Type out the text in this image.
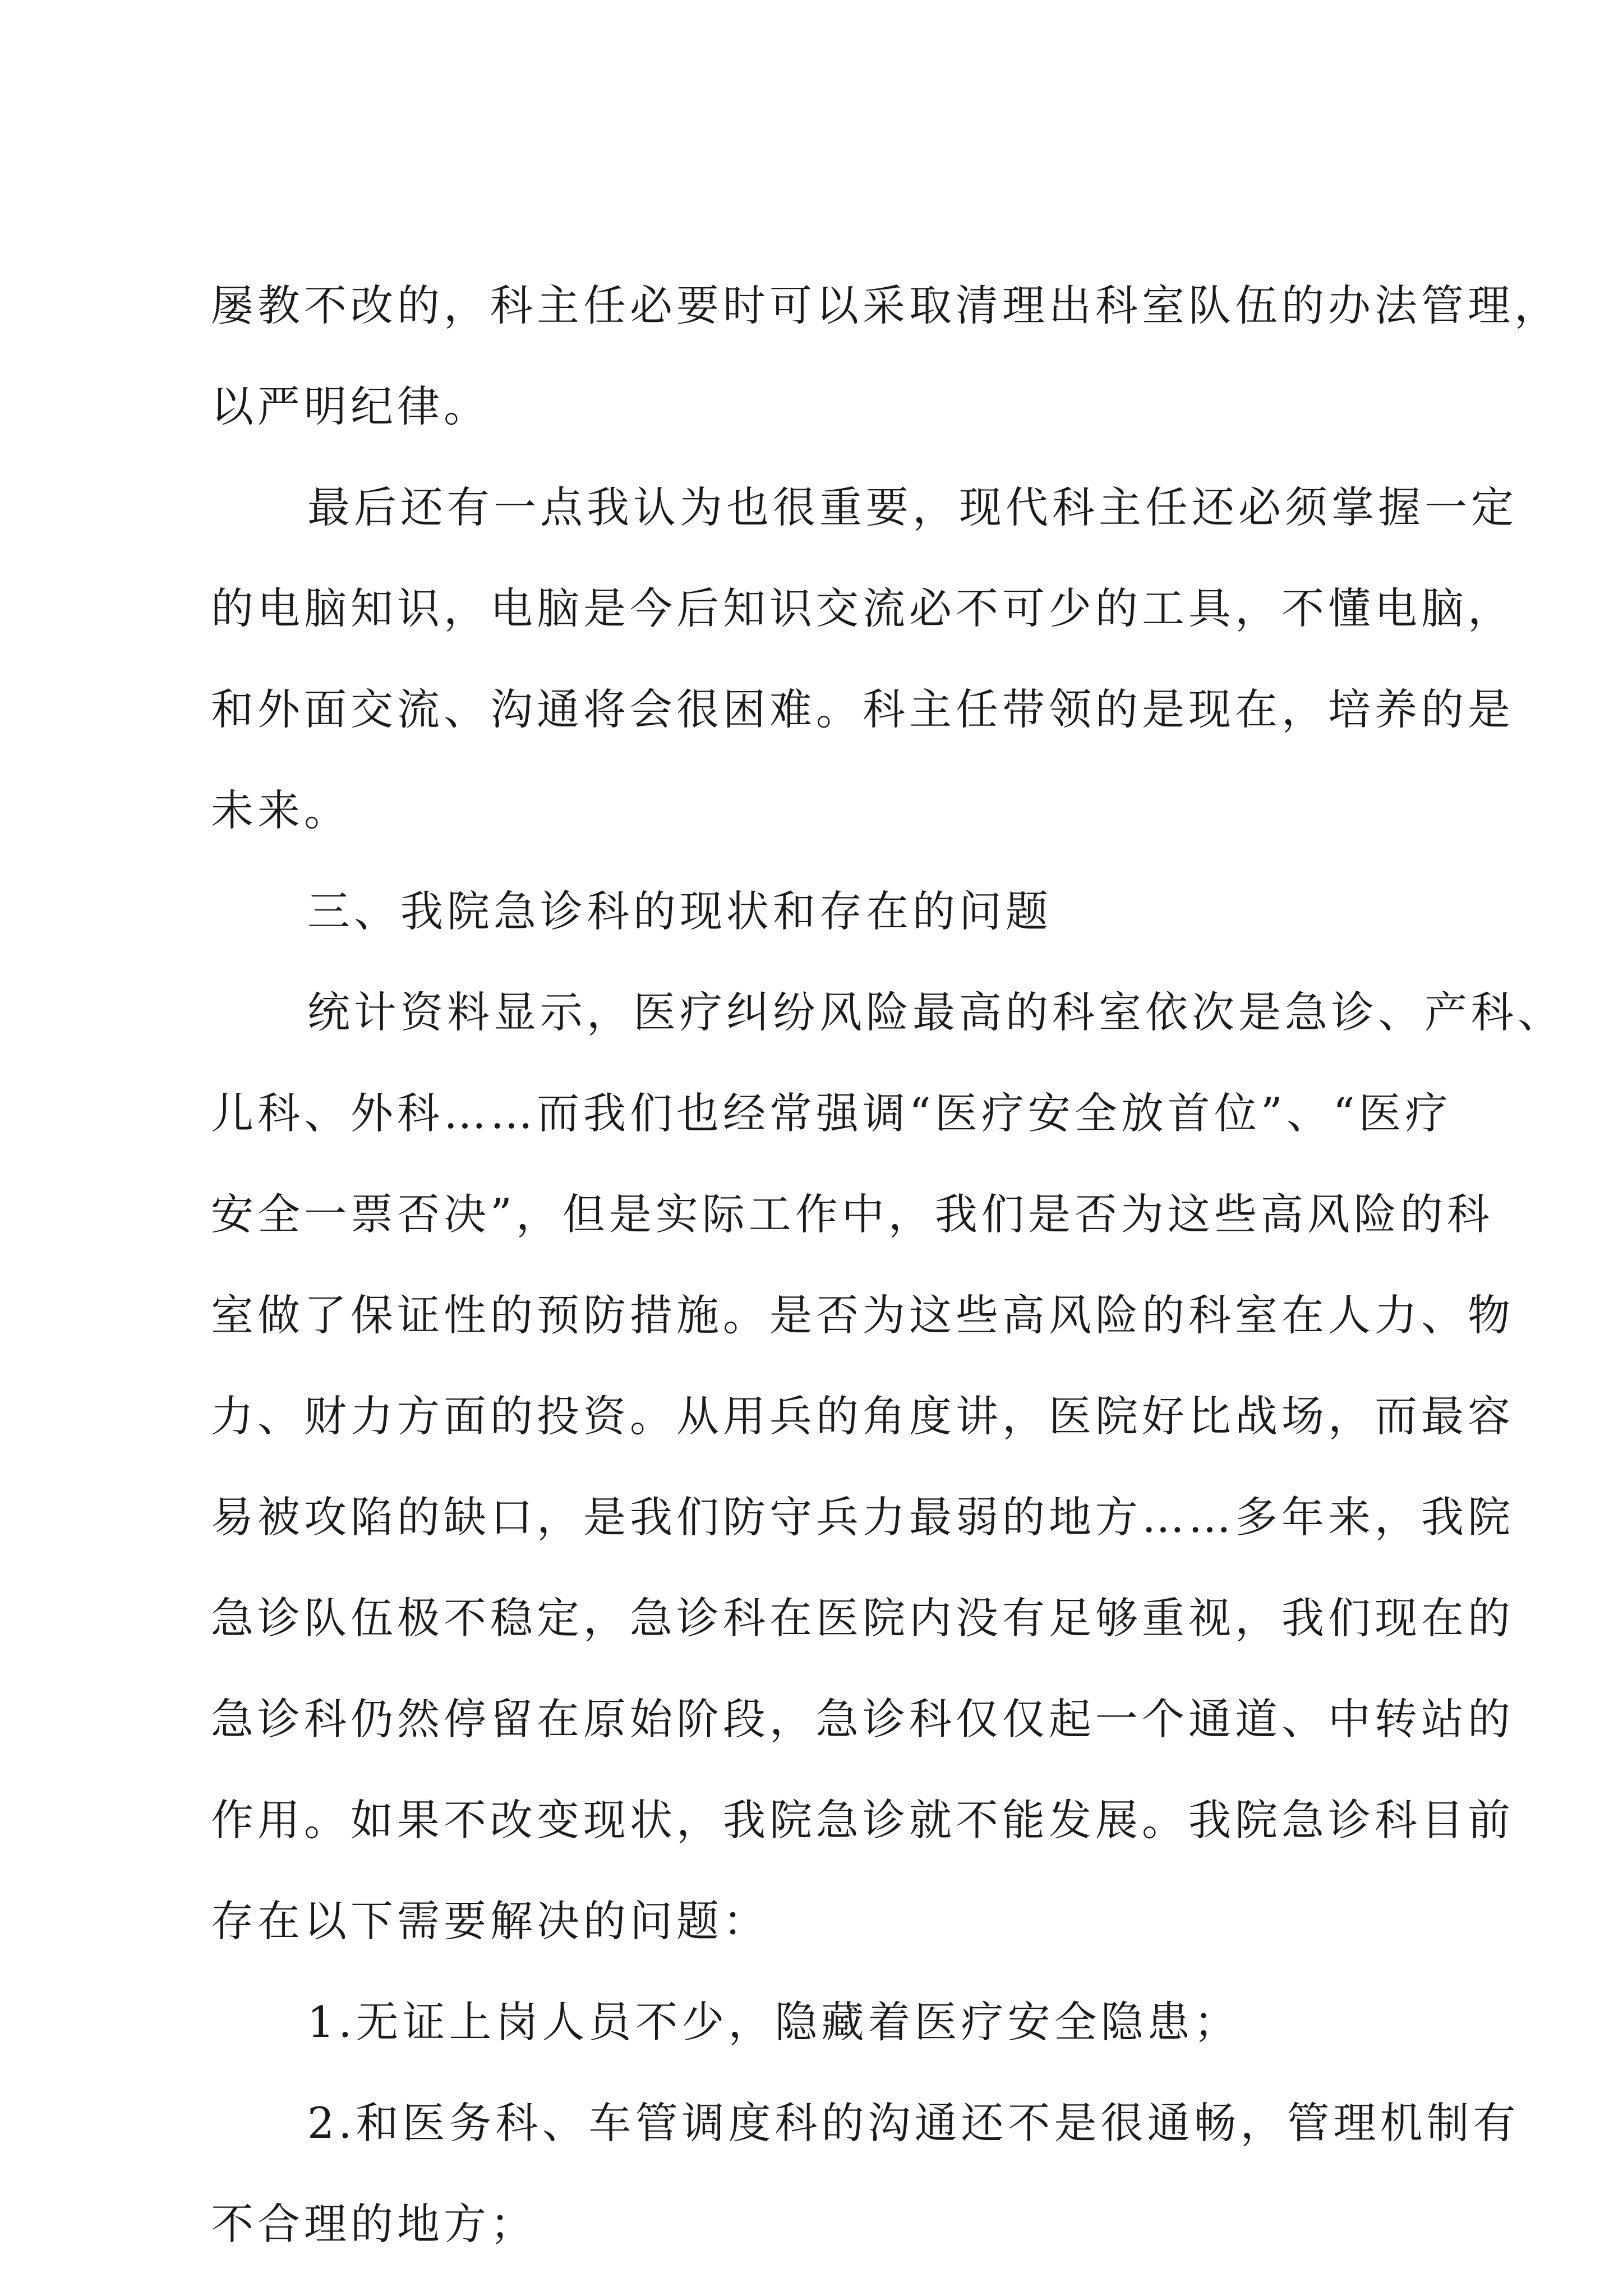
屡教不改的，科主任必要时可以采取清理出科室队伍的办法管理，
以严明纪律。
最后还有一点我认为也很重要，现代科主任还必须掌握一定
的电脑知识，电脑是今后知识交流必不可少的工具，不懂电脑，
和外面交流、沟通将会很困难。科主任带领的是现在，培养的是
未来。
三、我院急诊科的现状和存在的问题
统计资料显示，医疗纠纷风险最高的科室依次是急诊、产科、
儿科、外科……而我们也经常强调“医疗安全放首位”、“医疗
安全一票否决”，但是实际工作中，我们是否为这些高风险的科
室做了保证性的预防措施。是否为这些高风险的科室在人力、物
力、财力方面的投资。从用兵的角度讲，医院好比战场，而最容
易被攻陷的缺口，是我们防守兵力最弱的地方……多年来，我院
急诊队伍极不稳定，急诊科在医院内没有足够重视，我们现在的
急诊科仍然停留在原始阶段，急诊科仅仅起一个通道、中转站的
作用。如果不改变现状，我院急诊就不能发展。我院急诊科目前
存在以下需要解决的问题：
1.无证上岗人员不少，隐藏着医疗安全隐患；
2.和医务科、车管调度科的沟通还不是很通畅，管理机制有
不合理的地方；
